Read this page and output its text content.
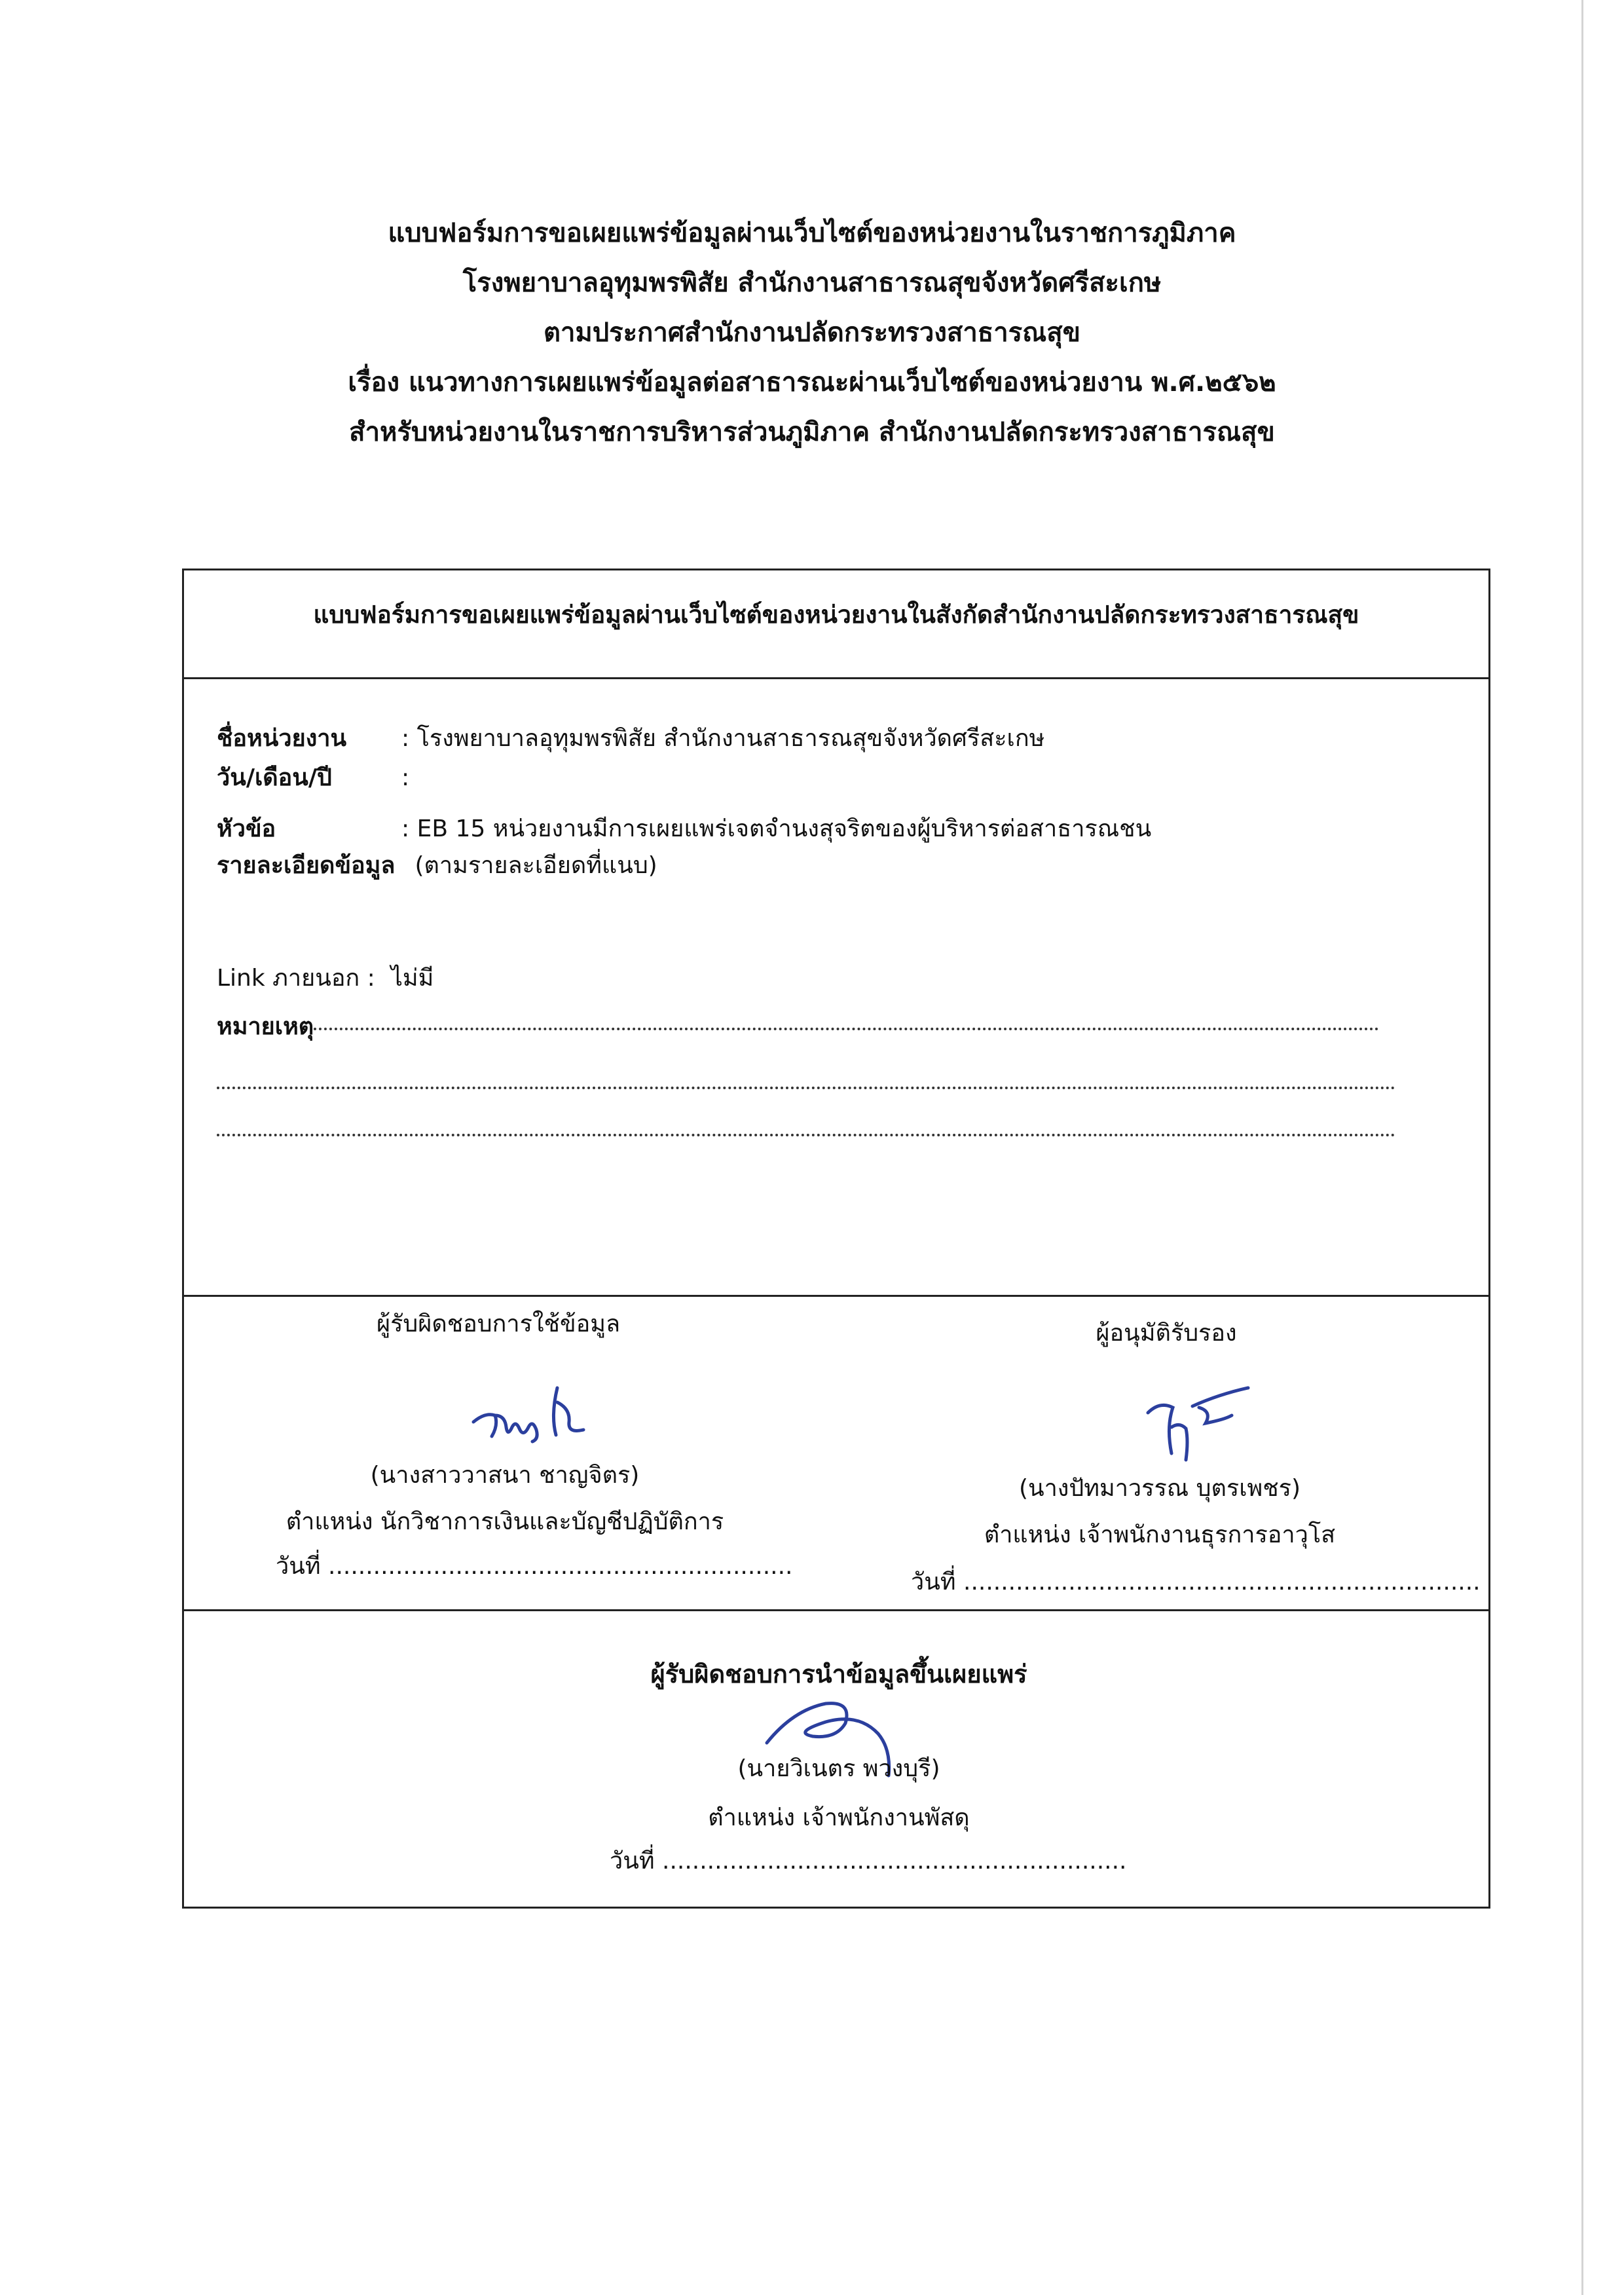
แบบฟอร์มการขอเผยแพร่ข้อมูลผ่านเว็บไซต์ของหน่วยงานในราชการภูมิภาค
โรงพยาบาลอุทุมพรพิสัย สำนักงานสาธารณสุขจังหวัดศรีสะเกษ
ตามประกาศสำนักงานปลัดกระทรวงสาธารณสุข
เรื่อง แนวทางการเผยแพร่ข้อมูลต่อสาธารณะผ่านเว็บไซต์ของหน่วยงาน พ.ศ.๒๕๖๒
สำหรับหน่วยงานในราชการบริหารส่วนภูมิภาค สำนักงานปลัดกระทรวงสาธารณสุข
แบบฟอร์มการขอเผยแพร่ข้อมูลผ่านเว็บไซต์ของหน่วยงานในสังกัดสำนักงานปลัดกระทรวงสาธารณสุข
ชื่อหน่วยงาน : โรงพยาบาลอุทุมพรพิสัย สำนักงานสาธารณสุขจังหวัดศรีสะเกษ
วัน/เดือน/ปี	:
หัวข้อ	: EB 15 หน่วยงานมีการเผยแพร่เจตจำนงสุจริตของผู้บริหารต่อสาธารณชน
รายละเอียดข้อมูล (ตามรายละเอียดที่แนบ)
Link ภายนอก : ไม่มี
หมายเหตุ
ผู้รับผิดชอบการใช้ข้อมูล
(นางสาววาสนา ชาญจิตร)
ตำแหน่ง นักวิชาการเงินและบัญชีปฏิบัติการ
วันที่ ..............................................................
ผู้อนุมัติรับรอง
(นางปัทมาวรรณ บุตรเพชร)
ตำแหน่ง เจ้าพนักงานธุรการอาวุโส
วันที่ .....................................................................
ผู้รับผิดชอบการนำข้อมูลขึ้นเผยแพร่
(นายวิเนตร พวงบุรี)
ตำแหน่ง เจ้าพนักงานพัสดุ
วันที่ ..............................................................
